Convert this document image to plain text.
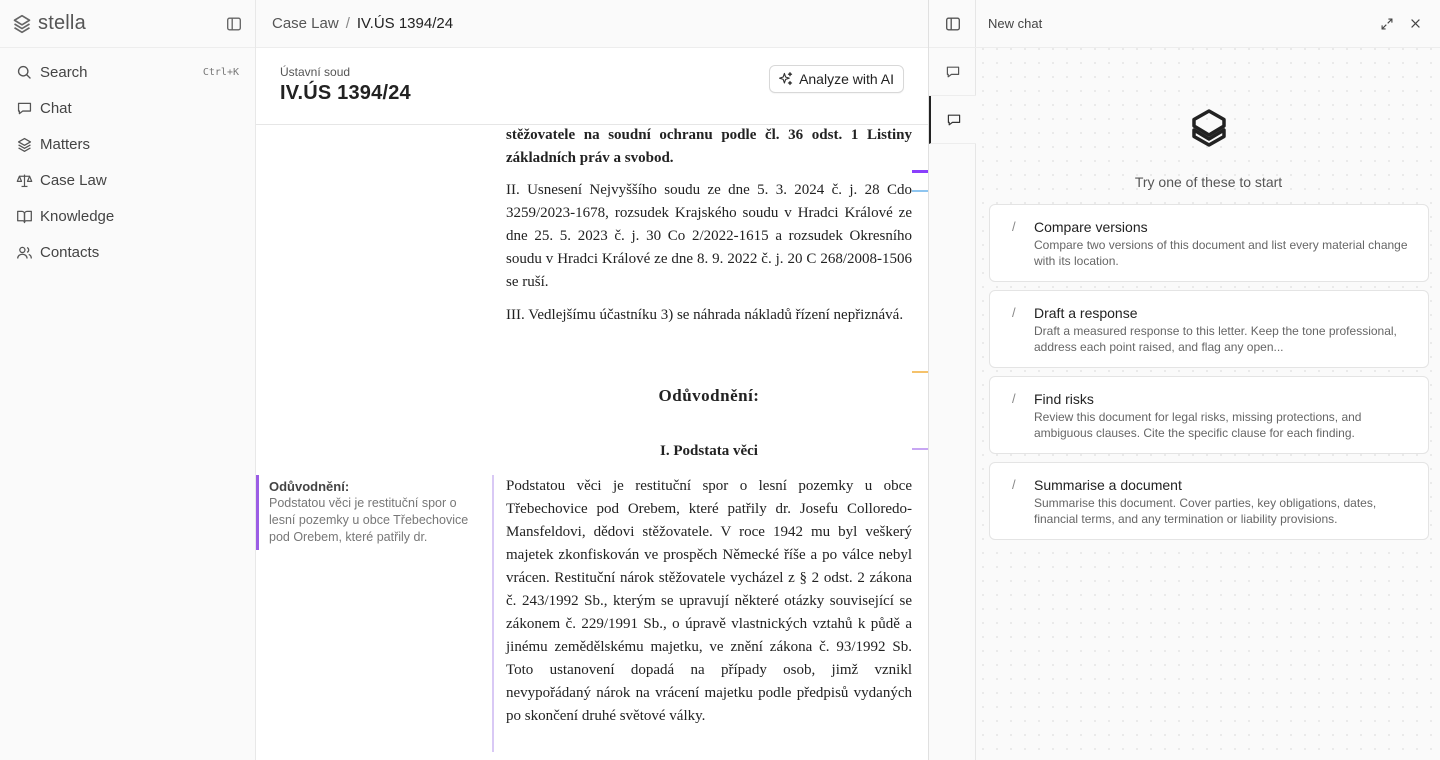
stella
Search	Ctrl+K
Chat
Matters
Case Law
Knowledge
Contacts
Case Law / IV.ÚS 1394/24
Ústavní soud
IV.ÚS 1394/24
Analyze with AI
stěžovatele na soudní ochranu podle čl. 36 odst. 1 Listiny základních práv a svobod.
II. Usnesení Nejvyššího soudu ze dne 5. 3. 2024 č. j. 28 Cdo 3259/2023-1678, rozsudek Krajského soudu v Hradci Králové ze dne 25. 5. 2023 č. j. 30 Co 2/2022-1615 a rozsudek Okresního soudu v Hradci Králové ze dne 8. 9. 2022 č. j. 20 C 268/2008-1506 se ruší.
III. Vedlejšímu účastníku 3) se náhrada nákladů řízení nepřiznává.
Odůvodnění:
I. Podstata věci
Podstatou věci je restituční spor o lesní pozemky u obce Třebechovice pod Orebem, které patřily dr. Josefu Colloredo-Mansfeldovi, dědovi stěžovatele. V roce 1942 mu byl veškerý majetek zkonfiskován ve prospěch Německé říše a po válce nebyl vrácen. Restituční nárok stěžovatele vycházel z § 2 odst. 2 zákona č. 243/1992 Sb., kterým se upravují některé otázky související se zákonem č. 229/1991 Sb., o úpravě vlastnických vztahů k půdě a jinému zemědělskému majetku, ve znění zákona č. 93/1992 Sb. Toto ustanovení dopadá na případy osob, jimž vznikl nevypořádaný nárok na vrácení majetku podle předpisů vydaných po skončení druhé světové války.
Odůvodnění:
Podstatou věci je restituční spor o lesní pozemky u obce Třebechovice pod Orebem, které patřily dr.
New chat
Try one of these to start
/ Compare versions
Compare two versions of this document and list every material change with its location.
/ Draft a response
Draft a measured response to this letter. Keep the tone professional, address each point raised, and flag any open...
/ Find risks
Review this document for legal risks, missing protections, and ambiguous clauses. Cite the specific clause for each finding.
/ Summarise a document
Summarise this document. Cover parties, key obligations, dates, financial terms, and any termination or liability provisions.
